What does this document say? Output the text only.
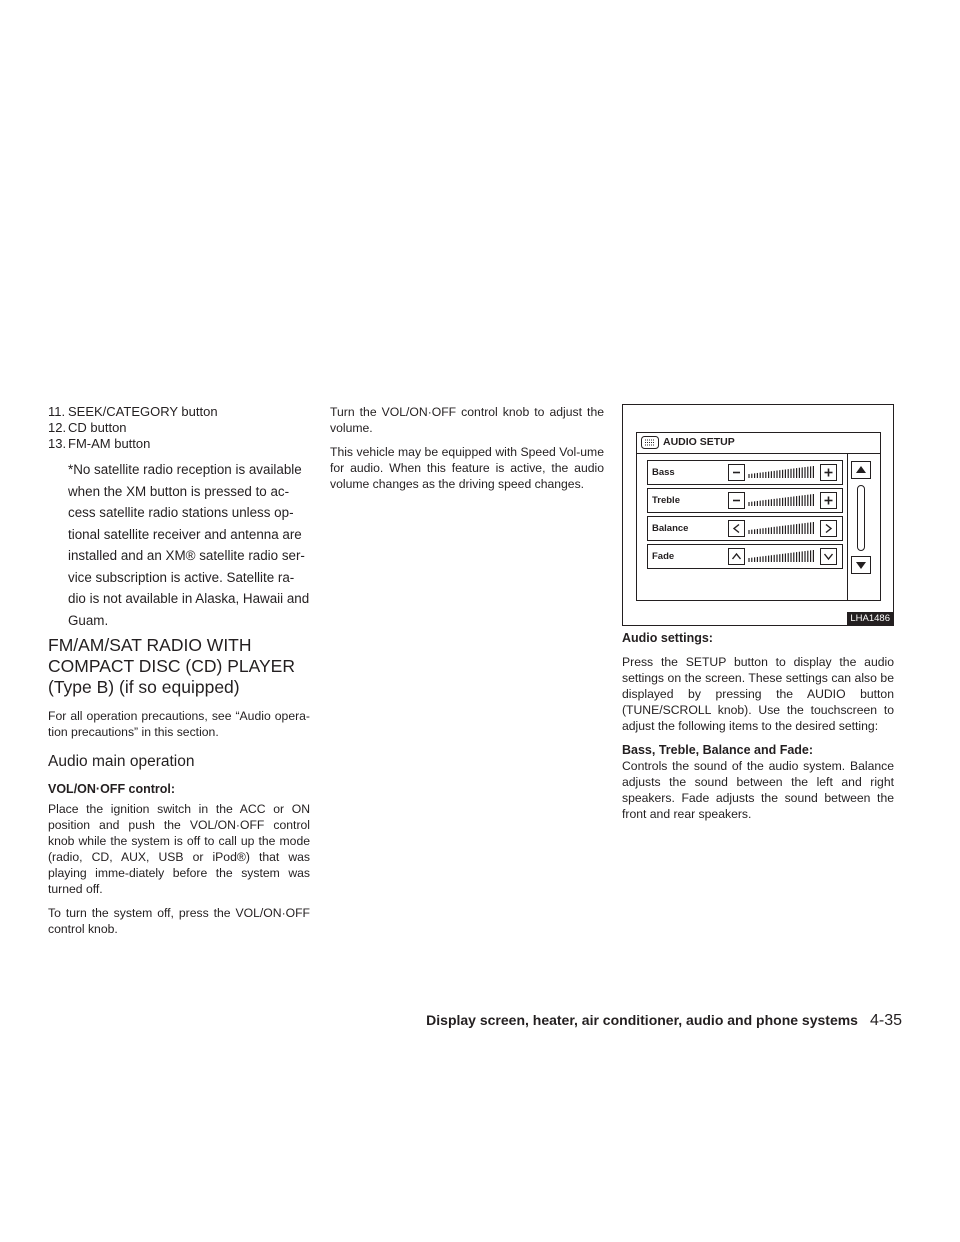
11. SEEK/CATEGORY button
12. CD button
13. FM-AM button

*No satellite radio reception is available when the XM button is pressed to ac-cess satellite radio stations unless op-tional satellite receiver and antenna are installed and an XM® satellite radio ser-vice subscription is active. Satellite ra-dio is not available in Alaska, Hawaii and Guam.

FM/AM/SAT RADIO WITH COMPACT DISC (CD) PLAYER (Type B) (if so equipped)

For all operation precautions, see “Audio opera-tion precautions” in this section.

Audio main operation
VOL/ON·OFF control:

Place the ignition switch in the ACC or ON position and push the VOL/ON·OFF control knob while the system is off to call up the mode (radio, CD, AUX, USB or iPod®) that was playing imme-diately before the system was turned off.

To turn the system off, press the VOL/ON·OFF control knob.

Turn the VOL/ON·OFF control knob to adjust the volume.

This vehicle may be equipped with Speed Vol-ume for audio. When this feature is active, the audio volume changes as the driving speed changes.

AUDIO SETUP
Bass
Treble
Balance
Fade
LHA1486
Audio settings:

Press the SETUP button to display the audio settings on the screen. These settings can also be displayed by pressing the AUDIO button (TUNE/SCROLL knob). Use the touchscreen to adjust the following items to the desired setting:

Bass, Treble, Balance and Fade:

Controls the sound of the audio system. Balance adjusts the sound between the left and right speakers. Fade adjusts the sound between the front and rear speakers.

Display screen, heater, air conditioner, audio and phone systems 4-35
